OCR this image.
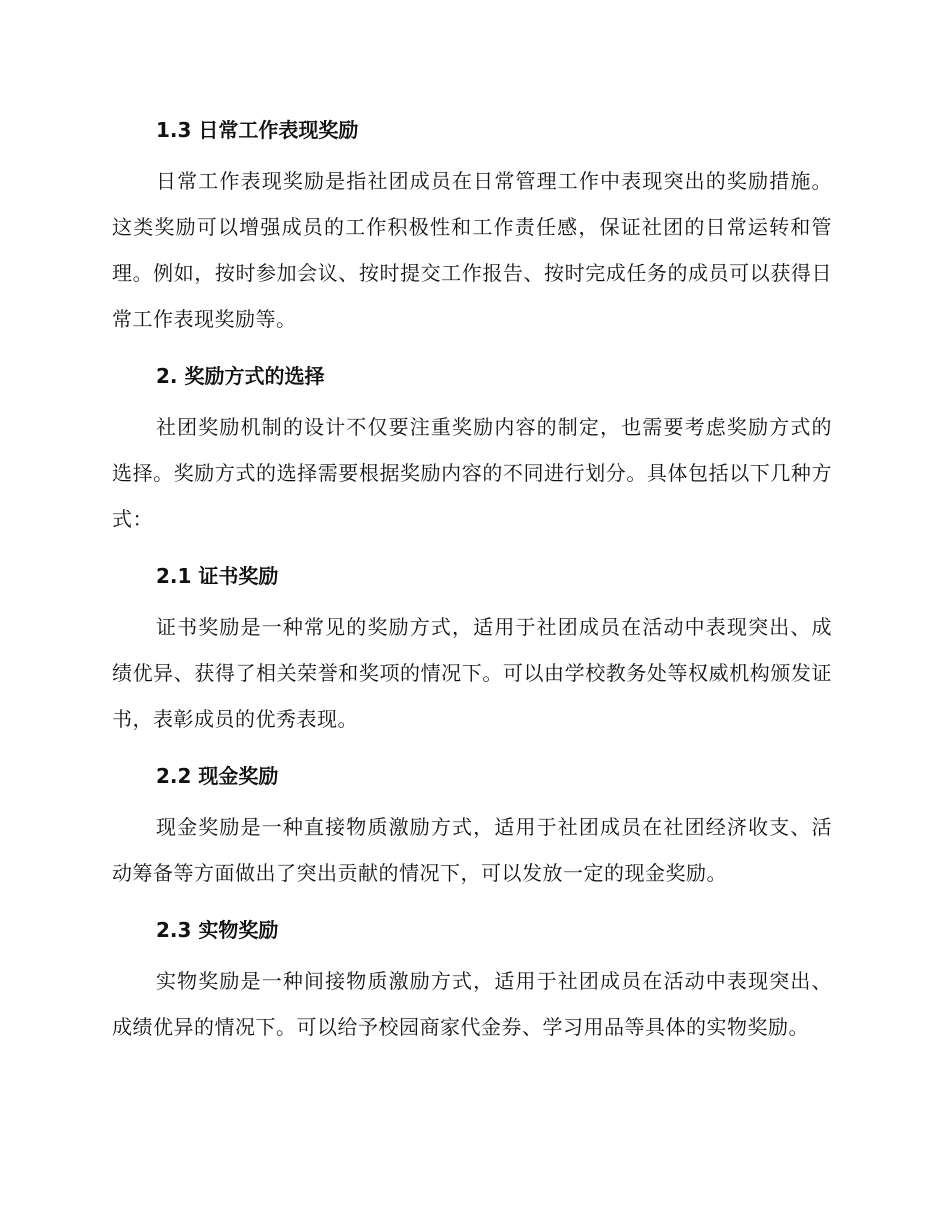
1.3 日常工作表现奖励

日常工作表现奖励是指社团成员在日常管理工作中表现突出的奖励措施。这类奖励可以增强成员的工作积极性和工作责任感，保证社团的日常运转和管理。例如，按时参加会议、按时提交工作报告、按时完成任务的成员可以获得日常工作表现奖励等。

2. 奖励方式的选择

社团奖励机制的设计不仅要注重奖励内容的制定，也需要考虑奖励方式的选择。奖励方式的选择需要根据奖励内容的不同进行划分。具体包括以下几种方式：

2.1 证书奖励

证书奖励是一种常见的奖励方式，适用于社团成员在活动中表现突出、成绩优异、获得了相关荣誉和奖项的情况下。可以由学校教务处等权威机构颁发证书，表彰成员的优秀表现。

2.2 现金奖励

现金奖励是一种直接物质激励方式，适用于社团成员在社团经济收支、活动筹备等方面做出了突出贡献的情况下，可以发放一定的现金奖励。

2.3 实物奖励

实物奖励是一种间接物质激励方式，适用于社团成员在活动中表现突出、成绩优异的情况下。可以给予校园商家代金券、学习用品等具体的实物奖励。
